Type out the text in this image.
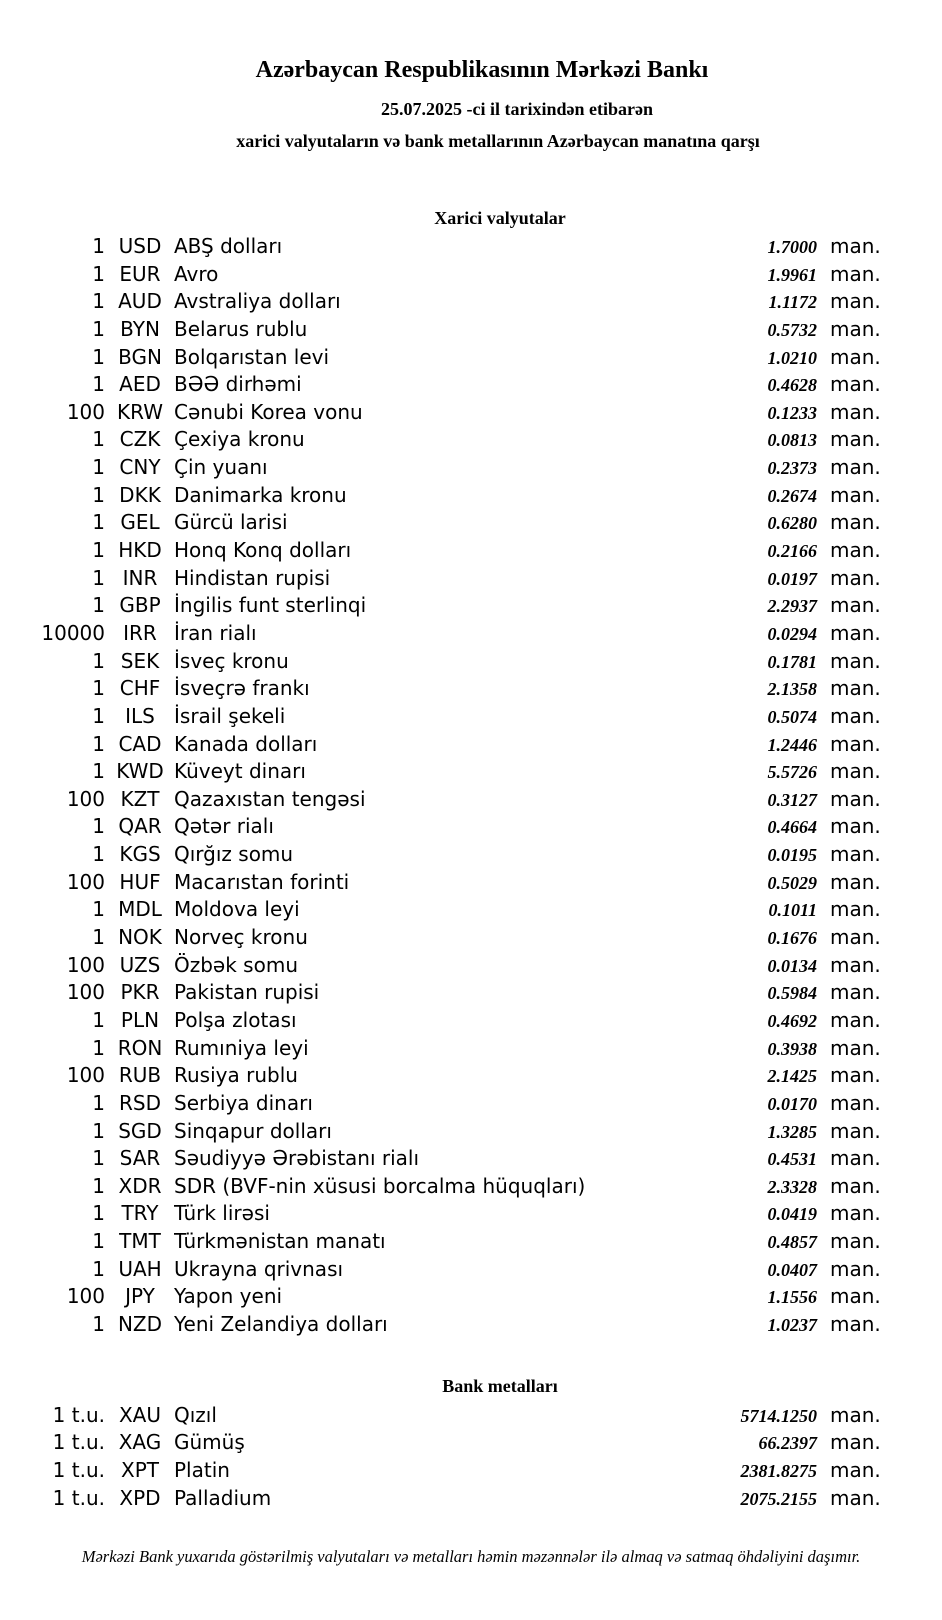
Azərbaycan Respublikasının Mərkəzi Bankı
25.07.2025 -ci il tarixindən etibarən
xarici valyutaların və bank metallarının Azərbaycan manatına qarşı
Xarici valyutalar
1 USD ABŞ dolları	1.7000 man.
1 EUR Avro	1.9961 man.
1 AUD Avstraliya dolları	1.1172 man.
1 BYN Belarus rublu	0.5732 man.
1 BGN Bolqarıstan levi	1.0210 man.
1 AED BƏƏ dirhəmi	0.4628 man.
100 KRW Cənubi Korea vonu	0.1233 man.
1 CZK Çexiya kronu	0.0813 man.
1 CNY Çin yuanı	0.2373 man.
1 DKK Danimarka kronu	0.2674 man.
1 GEL Gürcü larisi	0.6280 man.
1 HKD Honq Konq dolları	0.2166 man.
1 INR Hindistan rupisi	0.0197 man.
1 GBP İngilis funt sterlinqi	2.2937 man.
10000 IRR İran rialı	0.0294 man.
1 SEK İsveç kronu	0.1781 man.
1 CHF İsveçrə frankı	2.1358 man.
1	ILS İsrail şekeli	0.5074 man.
1 CAD Kanada dolları	1.2446 man.
1 KWD Küveyt dinarı	5.5726 man.
100 KZT Qazaxıstan tengəsi	0.3127 man.
1 QAR Qətər rialı	0.4664 man.
1 KGS Qırğız somu	0.0195 man.
100 HUF Macarıstan forinti	0.5029 man.
1 MDL Moldova leyi	0.1011 man.
1 NOK Norveç kronu	0.1676 man.
100 UZS Özbək somu	0.0134 man.
100 PKR Pakistan rupisi	0.5984 man.
1 PLN Polşa zlotası	0.4692 man.
1 RON Rumıniya leyi	0.3938 man.
100 RUB Rusiya rublu	2.1425 man.
1 RSD Serbiya dinarı	0.0170 man.
1 SGD Sinqapur dolları	1.3285 man.
1 SAR Səudiyyə Ərəbistanı rialı	0.4531 man.
1 XDR SDR (BVF-nin xüsusi borcalma hüquqları)	2.3328 man.
1 TRY Türk lirəsi	0.0419 man.
1 TMT Türkmənistan manatı	0.4857 man.
1 UAH Ukrayna qrivnası	0.0407 man.
100	JPY Yapon yeni	1.1556 man.
1 NZD Yeni Zelandiya dolları	1.0237 man.
Bank metalları
1 t.u. XAU Qızıl	5714.1250 man.
1 t.u. XAG Gümüş	66.2397 man.
1 t.u. XPT Platin	2381.8275 man.
1 t.u. XPD Palladium	2075.2155 man.
Mərkəzi Bank yuxarıda göstərilmiş valyutaları və metalları həmin məzənnələr ilə almaq və satmaq öhdəliyini daşımır.
